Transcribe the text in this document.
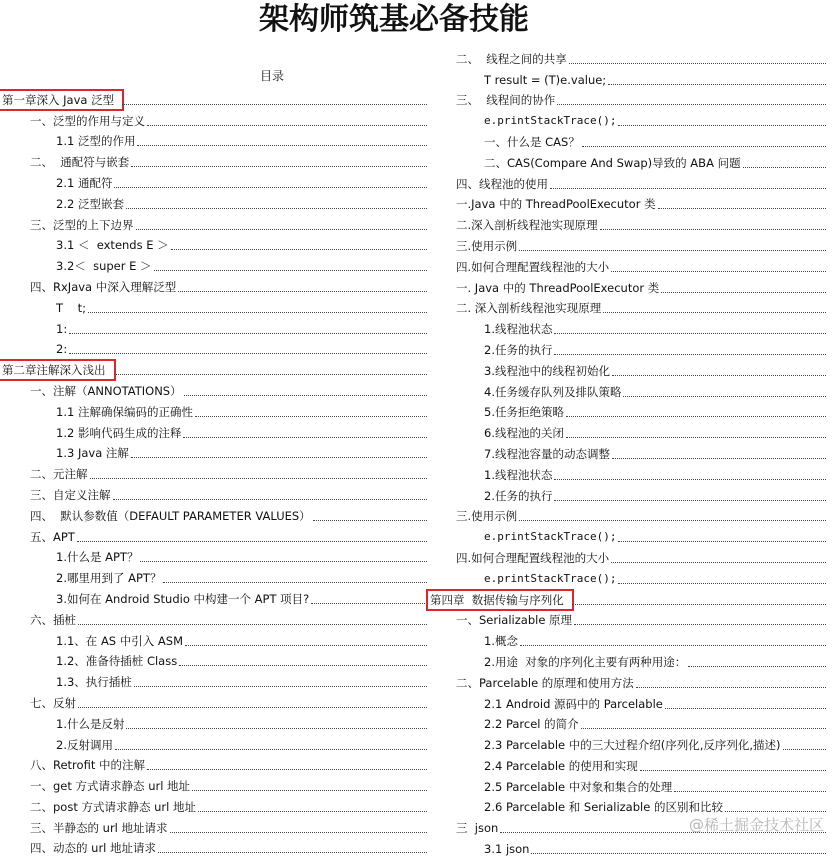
架构师筑基必备技能
目录
第一章深入 Java 泛型
一、泛型的作用与定义
1.1 泛型的作用
二、  通配符与嵌套
2.1 通配符
2.2 泛型嵌套
三、泛型的上下边界
3.1 ＜  extends E ＞
3.2＜  super E ＞
四、RxJava 中深入理解泛型
T    t;
1:
2:
第二章注解深入浅出
一、注解（ANNOTATIONS）
1.1 注解确保编码的正确性
1.2 影响代码生成的注释
1.3 Java 注解
二、元注解
三、自定义注解
四、  默认参数值（DEFAULT PARAMETER VALUES）
五、APT
1.什么是 APT？
2.哪里用到了 APT？
3.如何在 Android Studio 中构建一个 APT 项目?
六、插桩
1.1、在 AS 中引入 ASM
1.2、准备待插桩 Class
1.3、执行插桩
七、反射
1.什么是反射
2.反射调用
八、Retrofit 中的注解
一、get 方式请求静态 url 地址
二、post 方式请求静态 url 地址
三、半静态的 url 地址请求
四、动态的 url 地址请求
二、  线程之间的共享
T result = (T)e.value;
三、  线程间的协作
e.printStackTrace();
一、什么是 CAS？
二、CAS(Compare And Swap)导致的 ABA 问题
四、线程池的使用
一.Java 中的 ThreadPoolExecutor 类
二.深入剖析线程池实现原理
三.使用示例
四.如何合理配置线程池的大小
一. Java 中的 ThreadPoolExecutor 类
二. 深入剖析线程池实现原理
1.线程池状态
2.任务的执行
3.线程池中的线程初始化
4.任务缓存队列及排队策略
5.任务拒绝策略
6.线程池的关闭
7.线程池容量的动态调整
1.线程池状态
2.任务的执行
三.使用示例
e.printStackTrace();
四.如何合理配置线程池的大小
e.printStackTrace();
第四章  数据传输与序列化
一、Serializable 原理
1.概念
2.用途  对象的序列化主要有两种用途：
二、Parcelable 的原理和使用方法
2.1 Android 源码中的 Parcelable
2.2 Parcel 的简介
2.3 Parcelable 中的三大过程介绍(序列化,反序列化,描述)
2.4 Parcelable 的使用和实现
2.5 Parcelable 中对象和集合的处理
2.6 Parcelable 和 Serializable 的区别和比较
三  json
3.1 json
@稀土掘金技术社区
